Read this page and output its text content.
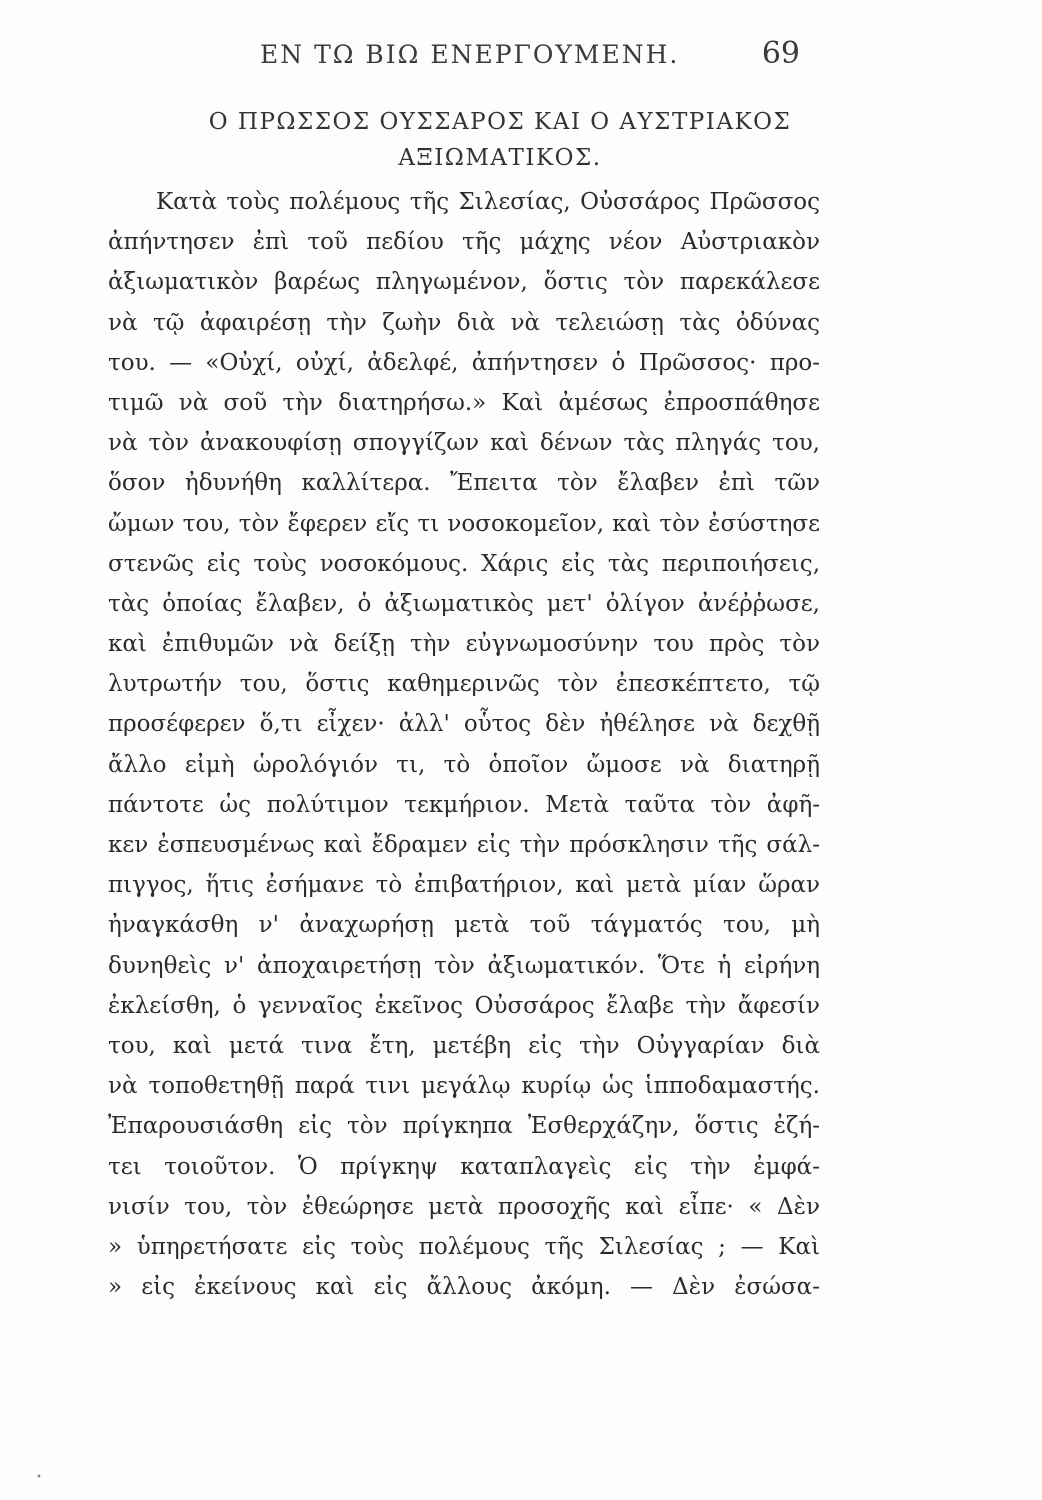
ΕΝ ΤΩ ΒΙΩ ΕΝΕΡΓΟΥΜΕΝΗ.	69
Ο ΠΡΩΣΣΟΣ ΟΥΣΣΑΡΟΣ ΚΑΙ Ο ΑΥΣΤΡΙΑΚΟΣ
ΑΞΙΩΜΑΤΙΚΟΣ.
Κατὰ τοὺς πολέμους τῆς Σιλεσίας, Οὐσσάρος Πρῶσσος
ἀπήντησεν ἐπὶ τοῦ πεδίου τῆς μάχης νέον Αὐστριακὸν
ἀξιωματικὸν βαρέως πληγωμένον, ὅστις τὸν παρεκάλεσε
νὰ τῷ ἀφαιρέσῃ τὴν ζωὴν διὰ νὰ τελειώσῃ τὰς ὀδύνας
του. — «Οὐχί, οὐχί, ἀδελφέ, ἀπήντησεν ὁ Πρῶσσος· προ-
τιμῶ νὰ σοῦ τὴν διατηρήσω.» Καὶ ἀμέσως ἐπροσπάθησε
νὰ τὸν ἀνακουφίσῃ σπογγίζων καὶ δένων τὰς πληγάς του,
ὅσον ἠδυνήθη καλλίτερα. Ἔπειτα τὸν ἔλαβεν ἐπὶ τῶν
ὤμων του, τὸν ἔφερεν εἴς τι νοσοκομεῖον, καὶ τὸν ἐσύστησε
στενῶς εἰς τοὺς νοσοκόμους. Χάρις εἰς τὰς περιποιήσεις,
τὰς ὁποίας ἔλαβεν, ὁ ἀξιωματικὸς μετ' ὀλίγον ἀνέῤῥωσε,
καὶ ἐπιθυμῶν νὰ δείξῃ τὴν εὐγνωμοσύνην του πρὸς τὸν
λυτρωτήν του, ὅστις καθημερινῶς τὸν ἐπεσκέπτετο, τῷ
προσέφερεν ὅ,τι εἶχεν· ἀλλ' οὗτος δὲν ἠθέλησε νὰ δεχθῇ
ἄλλο εἰμὴ ὡρολόγιόν τι, τὸ ὁποῖον ὤμοσε νὰ διατηρῇ
πάντοτε ὡς πολύτιμον τεκμήριον. Μετὰ ταῦτα τὸν ἀφῆ-
κεν ἐσπευσμένως καὶ ἔδραμεν εἰς τὴν πρόσκλησιν τῆς σάλ-
πιγγος, ἥτις ἐσήμανε τὸ ἐπιβατήριον, καὶ μετὰ μίαν ὥραν
ἠναγκάσθη ν' ἀναχωρήσῃ μετὰ τοῦ τάγματός του, μὴ
δυνηθεὶς ν' ἀποχαιρετήσῃ τὸν ἀξιωματικόν. Ὅτε ἡ εἰρήνη
ἐκλείσθη, ὁ γενναῖος ἐκεῖνος Οὐσσάρος ἔλαβε τὴν ἄφεσίν
του, καὶ μετά τινα ἔτη, μετέβη εἰς τὴν Οὐγγαρίαν διὰ
νὰ τοποθετηθῇ παρά τινι μεγάλῳ κυρίῳ ὡς ἱπποδαμαστής.
Ἐπαρουσιάσθη εἰς τὸν πρίγκηπα Ἐσθερχάζην, ὅστις ἐζή-
τει τοιοῦτον. Ὁ πρίγκηψ καταπλαγεὶς εἰς τὴν ἐμφά-
νισίν του, τὸν ἐθεώρησε μετὰ προσοχῆς καὶ εἶπε· « Δὲν
» ὑπηρετήσατε εἰς τοὺς πολέμους τῆς Σιλεσίας ; — Καὶ
» εἰς ἐκείνους καὶ εἰς ἄλλους ἀκόμη. — Δὲν ἐσώσα-
•
